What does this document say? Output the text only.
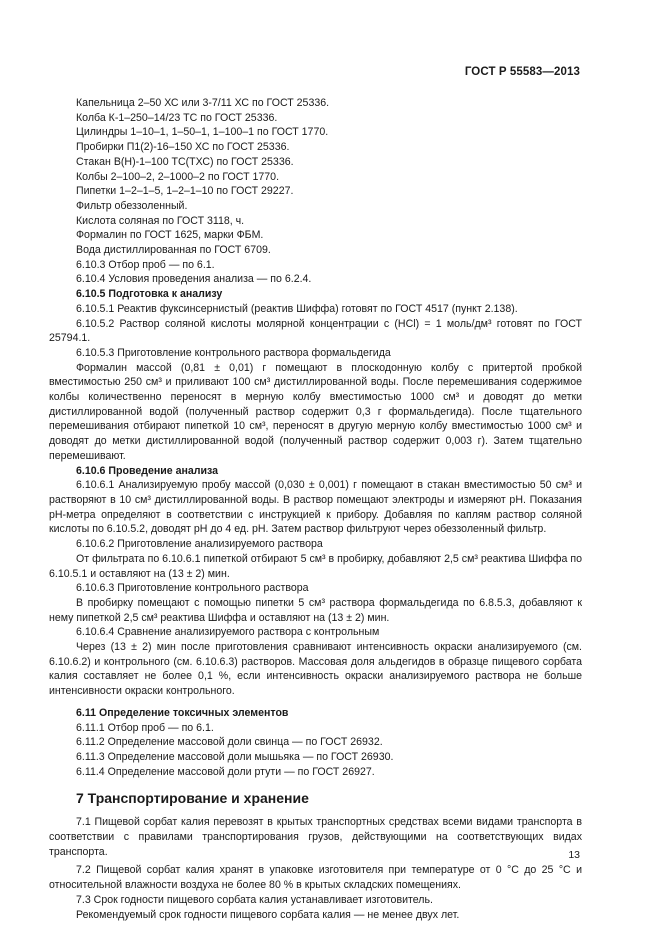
ГОСТ Р 55583—2013

Капельница 2–50 ХС или 3-7/11 ХС по ГОСТ 25336.

Колба К-1–250–14/23 ТС по ГОСТ 25336.

Цилиндры 1–10–1, 1–50–1, 1–100–1 по ГОСТ 1770.

Пробирки П1(2)-16–150 ХС по ГОСТ 25336.

Стакан В(Н)-1–100 ТС(ТХС) по ГОСТ 25336.

Колбы 2–100–2, 2–1000–2 по ГОСТ 1770.

Пипетки 1–2–1–5, 1–2–1–10 по ГОСТ 29227.

Фильтр обеззоленный.

Кислота соляная по ГОСТ 3118, ч.

Формалин по ГОСТ 1625, марки ФБМ.

Вода дистиллированная по ГОСТ 6709.

6.10.3 Отбор проб — по 6.1.

6.10.4 Условия проведения анализа — по 6.2.4.

6.10.5 Подготовка к анализу

6.10.5.1 Реактив фуксинсернистый (реактив Шиффа) готовят по ГОСТ 4517 (пункт 2.138).

6.10.5.2 Раствор соляной кислоты молярной концентрации c (HCl) = 1 моль/дм³ готовят по ГОСТ 25794.1.

6.10.5.3 Приготовление контрольного раствора формальдегида

Формалин массой (0,81 ± 0,01) г помещают в плоскодонную колбу с притертой пробкой вместимостью 250 см³ и приливают 100 см³ дистиллированной воды. После перемешивания содержимое колбы количественно переносят в мерную колбу вместимостью 1000 см³ и доводят до метки дистиллированной водой (полученный раствор содержит 0,3 г формальдегида). После тщательного перемешивания отбирают пипеткой 10 см³, переносят в другую мерную колбу вместимостью 1000 см³ и доводят до метки дистиллированной водой (полученный раствор содержит 0,003 г). Затем тщательно перемешивают.

6.10.6 Проведение анализа

6.10.6.1 Анализируемую пробу массой (0,030 ± 0,001) г помещают в стакан вместимостью 50 см³ и растворяют в 10 см³ дистиллированной воды. В раствор помещают электроды и измеряют рН. Показания рН-метра определяют в соответствии с инструкцией к прибору. Добавляя по каплям раствор соляной кислоты по 6.10.5.2, доводят рН до 4 ед. рН. Затем раствор фильтруют через обеззоленный фильтр.

6.10.6.2 Приготовление анализируемого раствора

От фильтрата по 6.10.6.1 пипеткой отбирают 5 см³ в пробирку, добавляют 2,5 см³ реактива Шиффа по 6.10.5.1 и оставляют на (13 ± 2) мин.

6.10.6.3 Приготовление контрольного раствора

В пробирку помещают с помощью пипетки 5 см³ раствора формальдегида по 6.8.5.3, добавляют к нему пипеткой 2,5 см³ реактива Шиффа и оставляют на (13 ± 2) мин.

6.10.6.4 Сравнение анализируемого раствора с контрольным

Через (13 ± 2) мин после приготовления сравнивают интенсивность окраски анализируемого (см. 6.10.6.2) и контрольного (см. 6.10.6.3) растворов. Массовая доля альдегидов в образце пищевого сорбата калия составляет не более 0,1 %, если интенсивность окраски анализируемого раствора не больше интенсивности окраски контрольного.

6.11 Определение токсичных элементов

6.11.1 Отбор проб — по 6.1.

6.11.2 Определение массовой доли свинца — по ГОСТ 26932.

6.11.3 Определение массовой доли мышьяка — по ГОСТ 26930.

6.11.4 Определение массовой доли ртути — по ГОСТ 26927.

7 Транспортирование и хранение

7.1 Пищевой сорбат калия перевозят в крытых транспортных средствах всеми видами транспорта в соответствии с правилами транспортирования грузов, действующими на соответствующих видах транспорта.

7.2 Пищевой сорбат калия хранят в упаковке изготовителя при температуре от 0 °С до 25 °С и относительной влажности воздуха не более 80 % в крытых складских помещениях.

7.3 Срок годности пищевого сорбата калия устанавливает изготовитель.

Рекомендуемый срок годности пищевого сорбата калия — не менее двух лет.

13
